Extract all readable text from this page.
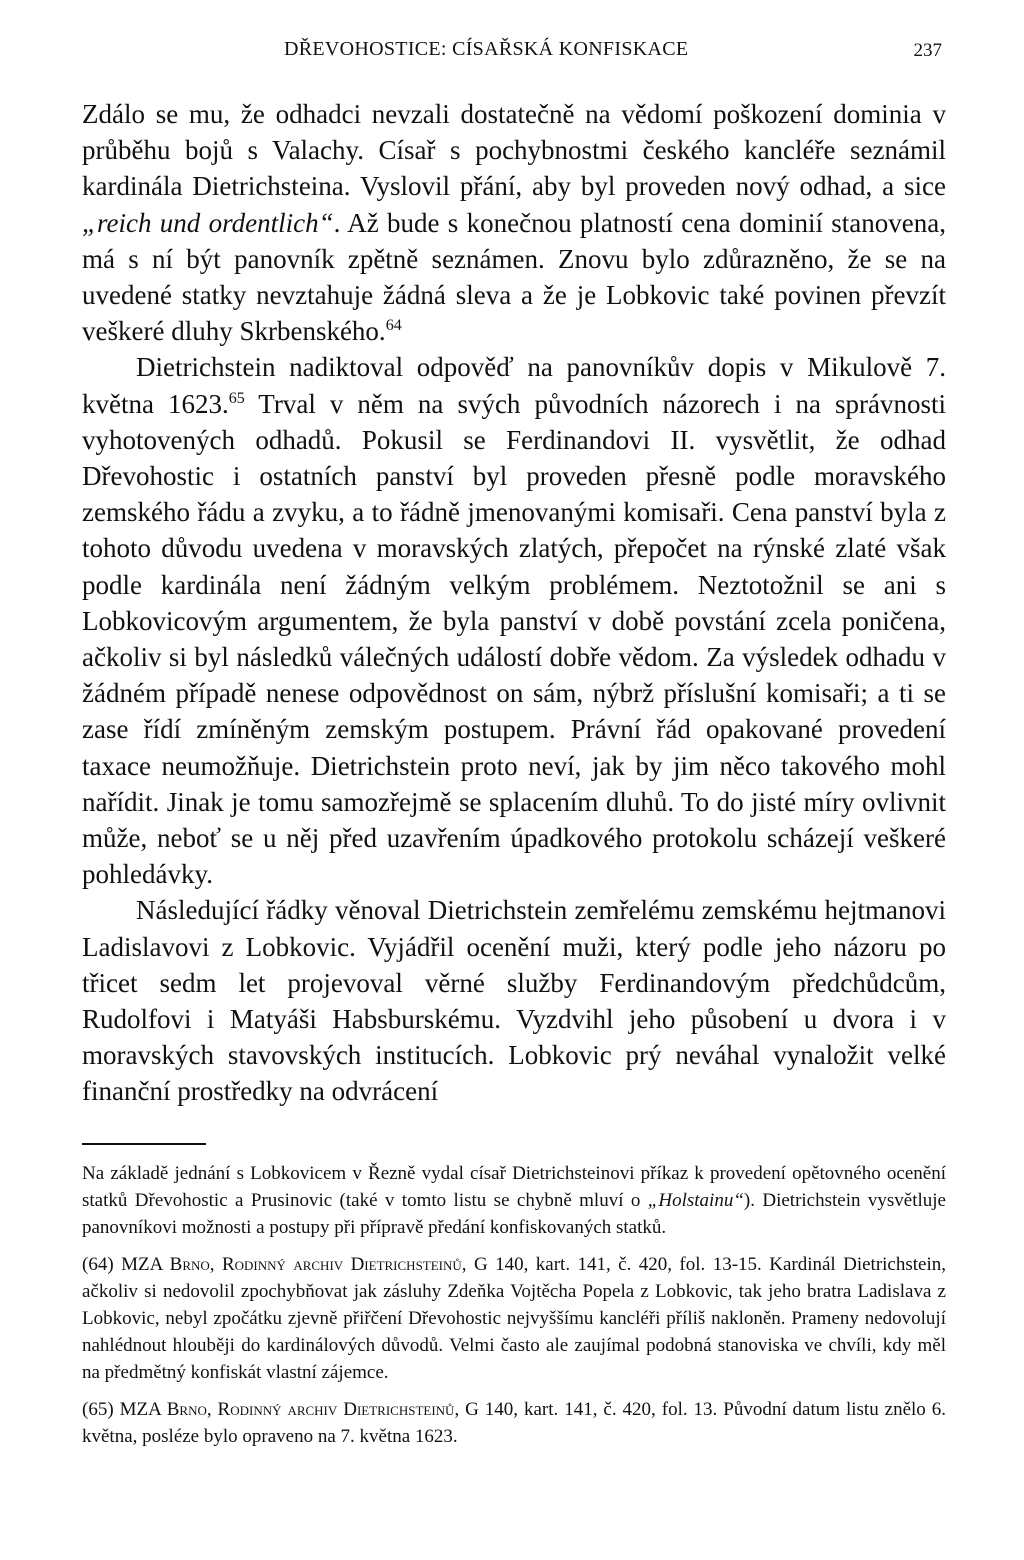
DŘEVOHOSTICE: CÍSAŘSKÁ KONFISKACE	237

Zdálo se mu, že odhadci nevzali dostatečně na vědomí poškození dominia v průběhu bojů s Valachy. Císař s pochybnostmi českého kancléře seznámil kardinála Dietrichsteina. Vyslovil přání, aby byl proveden nový odhad, a sice „reich und ordentlich“. Až bude s konečnou platností cena dominií stanovena, má s ní být panovník zpětně seznámen. Znovu bylo zdůrazněno, že se na uvedené statky nevztahuje žádná sleva a že je Lobkovic také povinen převzít veškeré dluhy Skrbenského.$^{64}$

Dietrichstein nadiktoval odpověď na panovníkův dopis v Mikulově 7. května 1623.65 Trval v něm na svých původních názorech i na správnosti vyhotovených odhadů. Pokusil se Ferdinandovi II. vysvětlit, že odhad Dřevohostic i ostatních panství byl proveden přesně podle moravského zemského řádu a zvyku, a to řádně jmenovanými komisaři. Cena panství byla z tohoto důvodu uvedena v moravských zlatých, přepočet na rýnské zlaté však podle kardinála není žádným velkým problémem. Neztotožnil se ani s Lobkovicovým argumentem, že byla panství v době povstání zcela poničena, ačkoliv si byl následků válečných událostí dobře vědom. Za výsledek odhadu v žádném případě nenese odpovědnost on sám, nýbrž příslušní komisaři; a ti se zase řídí zmíněným zemským postupem. Právní řád opakované provedení taxace neumožňuje. Dietrichstein proto neví, jak by jim něco takového mohl nařídit. Jinak je tomu samozřejmě se splacením dluhů. To do jisté míry ovlivnit může, neboť se u něj před uzavřením úpadkového protokolu scházejí veškeré pohledávky.

Následující řádky věnoval Dietrichstein zemřelému zemskému hejtmanovi Ladislavovi z Lobkovic. Vyjádřil ocenění muži, který podle jeho názoru po třicet sedm let projevoval věrné služby Ferdinandovým předchůdcům, Rudolfovi i Matyáši Habsburskému. Vyzdvihl jeho působení u dvora i v moravských stavovských institucích. Lobkovic prý neváhal vynaložit velké finanční prostředky na odvrácení

Na základě jednání s Lobkovicem v Řezně vydal císař Dietrichsteinovi příkaz k provedení opětovného ocenění statků Dřevohostic a Prusinovic (také v tomto listu se chybně mluví o „Holstainu“). Dietrichstein vysvětluje panovníkovi možnosti a postupy při přípravě předání konfiskovaných statků.

(64) MZA Brno, Rodinný archiv Dietrichsteinů, G 140, kart. 141, č. 420, fol. 13-15. Kardinál Dietrichstein, ačkoliv si nedovolil zpochybňovat jak zásluhy Zdeňka Vojtěcha Popela z Lobkovic, tak jeho bratra Ladislava z Lobkovic, nebyl zpočátku zjevně přiřčení Dřevohostic nejvyššímu kancléři příliš nakloněn. Prameny nedovolují nahlédnout hlouběji do kardinálových důvodů. Velmi často ale zaujímal podobná stanoviska ve chvíli, kdy měl na předmětný konfiskát vlastní zájemce.

(65) MZA Brno, Rodinný archiv Dietrichsteinů, G 140, kart. 141, č. 420, fol. 13. Původní datum listu znělo 6. května, posléze bylo opraveno na 7. května 1623.
